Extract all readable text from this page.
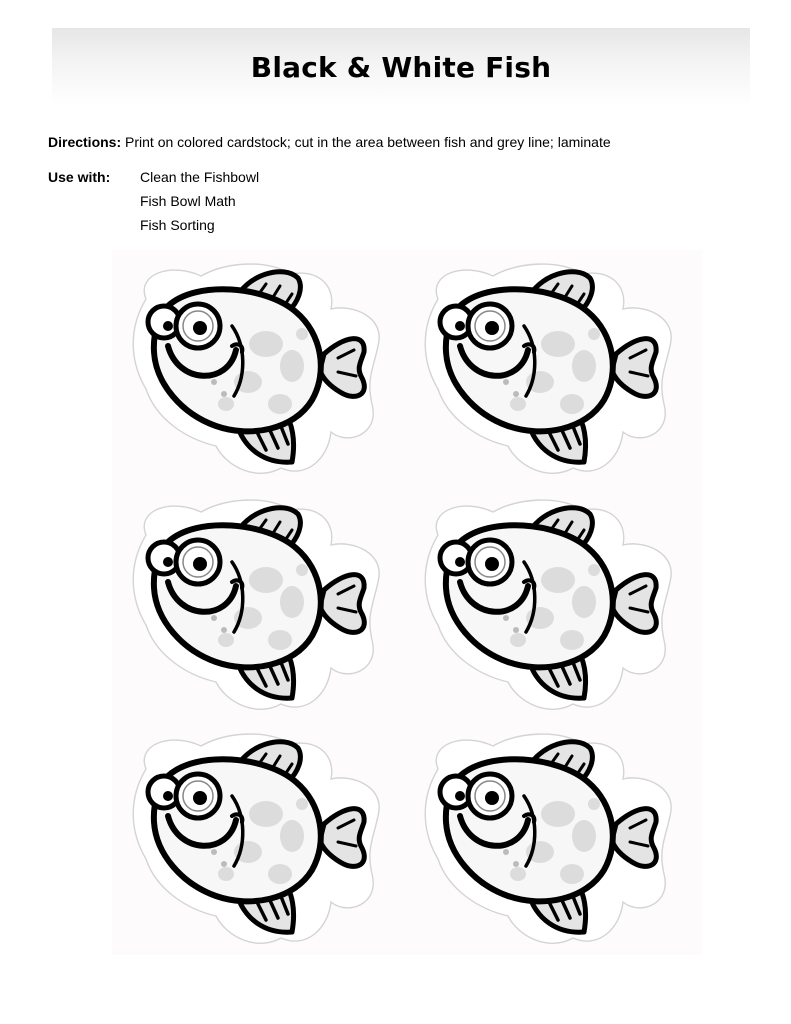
Black & White Fish
Directions: Print on colored cardstock; cut in the area between fish and grey line; laminate
Use with:	Clean the Fishbowl
Fish Bowl Math
Fish Sorting
